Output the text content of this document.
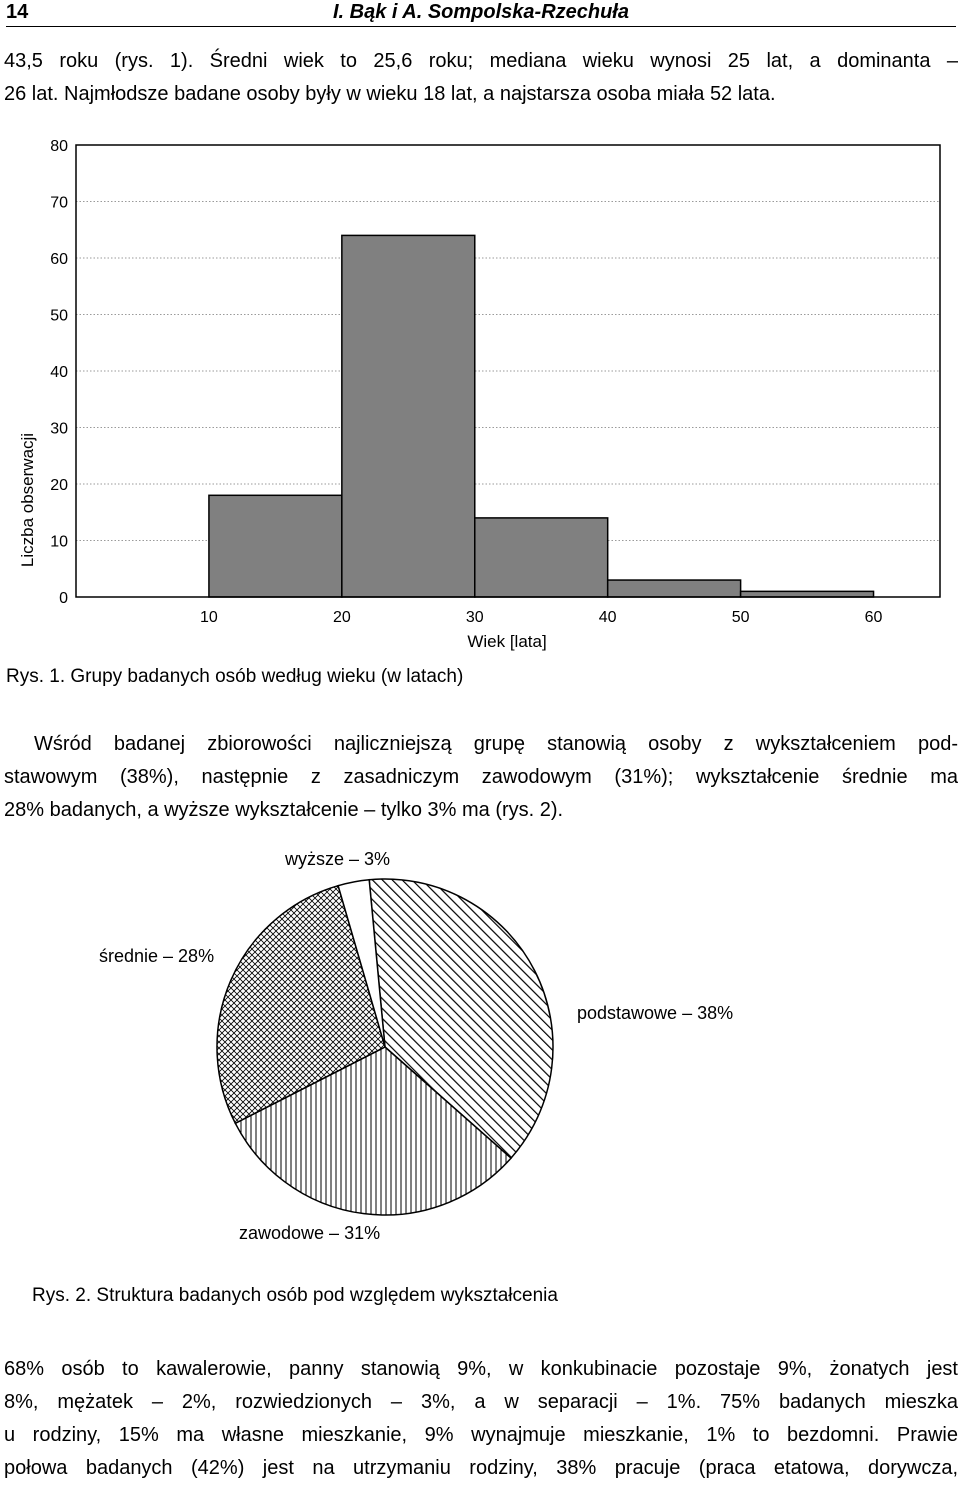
14	I. Bąk i A. Sompolska-Rzechuła
43,5 roku (rys. 1). Średni wiek to 25,6 roku; mediana wieku wynosi 25 lat, a dominanta –
26 lat. Najmłodsze badane osoby były w wieku 18 lat, a najstarsza osoba miała 52 lata.
0
10
20
30
40
50
60
70
80
10	20	30	40	50	60
Liczba obserwacji
Wiek [lata]
Rys. 1. Grupy badanych osób według wieku (w latach)
Wśród badanej zbiorowości najliczniejszą grupę stanowią osoby z wykształceniem pod-
stawowym (38%), następnie z zasadniczym zawodowym (31%); wykształcenie średnie ma
28% badanych, a wyższe wykształcenie – tylko 3% ma (rys. 2).
podstawowe – 38%
zawodowe – 31%
średnie – 28%
wyższe – 3%
Rys. 2. Struktura badanych osób pod względem wykształcenia
68% osób to kawalerowie, panny stanowią 9%, w konkubinacie pozostaje 9%, żonatych jest
8%, mężatek – 2%, rozwiedzionych – 3%, a w separacji – 1%. 75% badanych mieszka
u rodziny, 15% ma własne mieszkanie, 9% wynajmuje mieszkanie, 1% to bezdomni. Prawie
połowa badanych (42%) jest na utrzymaniu rodziny, 38% pracuje (praca etatowa, dorywcza,
